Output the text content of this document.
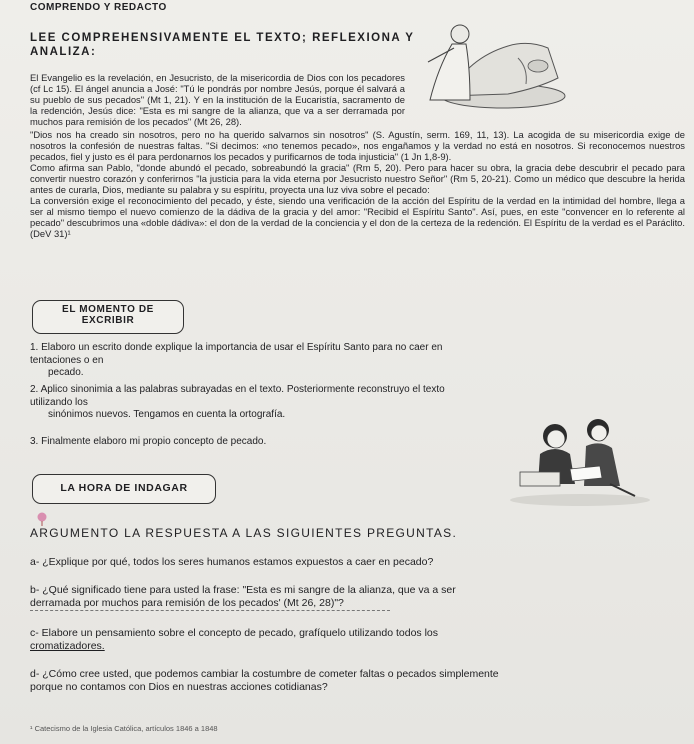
COMPRENDO Y REDACTO
LEE COMPREHENSIVAMENTE EL TEXTO; REFLEXIONA Y
ANALIZA:

El Evangelio es la revelación, en Jesucristo, de la misericordia de Dios con los pecadores (cf Lc 15). El ángel anuncia a José: "Tú le pondrás por nombre Jesús, porque él salvará a su pueblo de sus pecados" (Mt 1, 21). Y en la institución de la Eucaristía, sacramento de la redención, Jesús dice: "Esta es mi sangre de la alianza, que va a ser derramada por muchos para remisión de los pecados" (Mt 26, 28).

"Dios nos ha creado sin nosotros, pero no ha querido salvarnos sin nosotros" (S. Agustín, serm. 169, 11, 13). La acogida de su misericordia exige de nosotros la confesión de nuestras faltas. "Si decimos: «no tenemos pecado», nos engañamos y la verdad no está en nosotros. Si reconocemos nuestros pecados, fiel y justo es él para perdonarnos los pecados y purificarnos de toda injusticia" (1 Jn 1,8-9).

Como afirma san Pablo, "donde abundó el pecado, sobreabundó la gracia" (Rm 5, 20). Pero para hacer su obra, la gracia debe descubrir el pecado para convertir nuestro corazón y conferirnos "la justicia para la vida eterna por Jesucristo nuestro Señor" (Rm 5, 20-21). Como un médico que descubre la herida antes de curarla, Dios, mediante su palabra y su espíritu, proyecta una luz viva sobre el pecado:

La conversión exige el reconocimiento del pecado, y éste, siendo una verificación de la acción del Espíritu de la verdad en la intimidad del hombre, llega a ser al mismo tiempo el nuevo comienzo de la dádiva de la gracia y del amor: "Recibid el Espíritu Santo". Así, pues, en este "convencer en lo referente al pecado" descubrimos una «doble dádiva»: el don de la verdad de la conciencia y el don de la certeza de la redención. El Espíritu de la verdad es el Paráclito. (DeV 31)¹

EL MOMENTO DE
EXCRIBIR
1. Elaboro un escrito donde explique la importancia de usar el Espíritu Santo para no caer en
tentaciones o en
pecado.
2. Aplico sinonimia a las palabras subrayadas en el texto. Posteriormente reconstruyo el texto
utilizando los
sinónimos nuevos. Tengamos en cuenta la ortografía.
3. Finalmente elaboro mi propio concepto de pecado.
LA HORA DE INDAGAR
ARGUMENTO LA RESPUESTA A LAS SIGUIENTES PREGUNTAS.
a- ¿Explique por qué, todos los seres humanos estamos expuestos a caer en pecado?
b- ¿Qué significado tiene para usted la frase: "Esta es mi sangre de la alianza, que va a ser
derramada por muchos para remisión de los pecados' (Mt 26, 28)"?
c- Elabore un pensamiento sobre el concepto de pecado, grafíquelo utilizando todos los
cromatizadores.
d- ¿Cómo cree usted, que podemos cambiar la costumbre de cometer faltas o pecados simplemente
porque no contamos con Dios en nuestras acciones cotidianas?
¹ Catecismo de la Iglesia Católica, artículos 1846 a 1848
